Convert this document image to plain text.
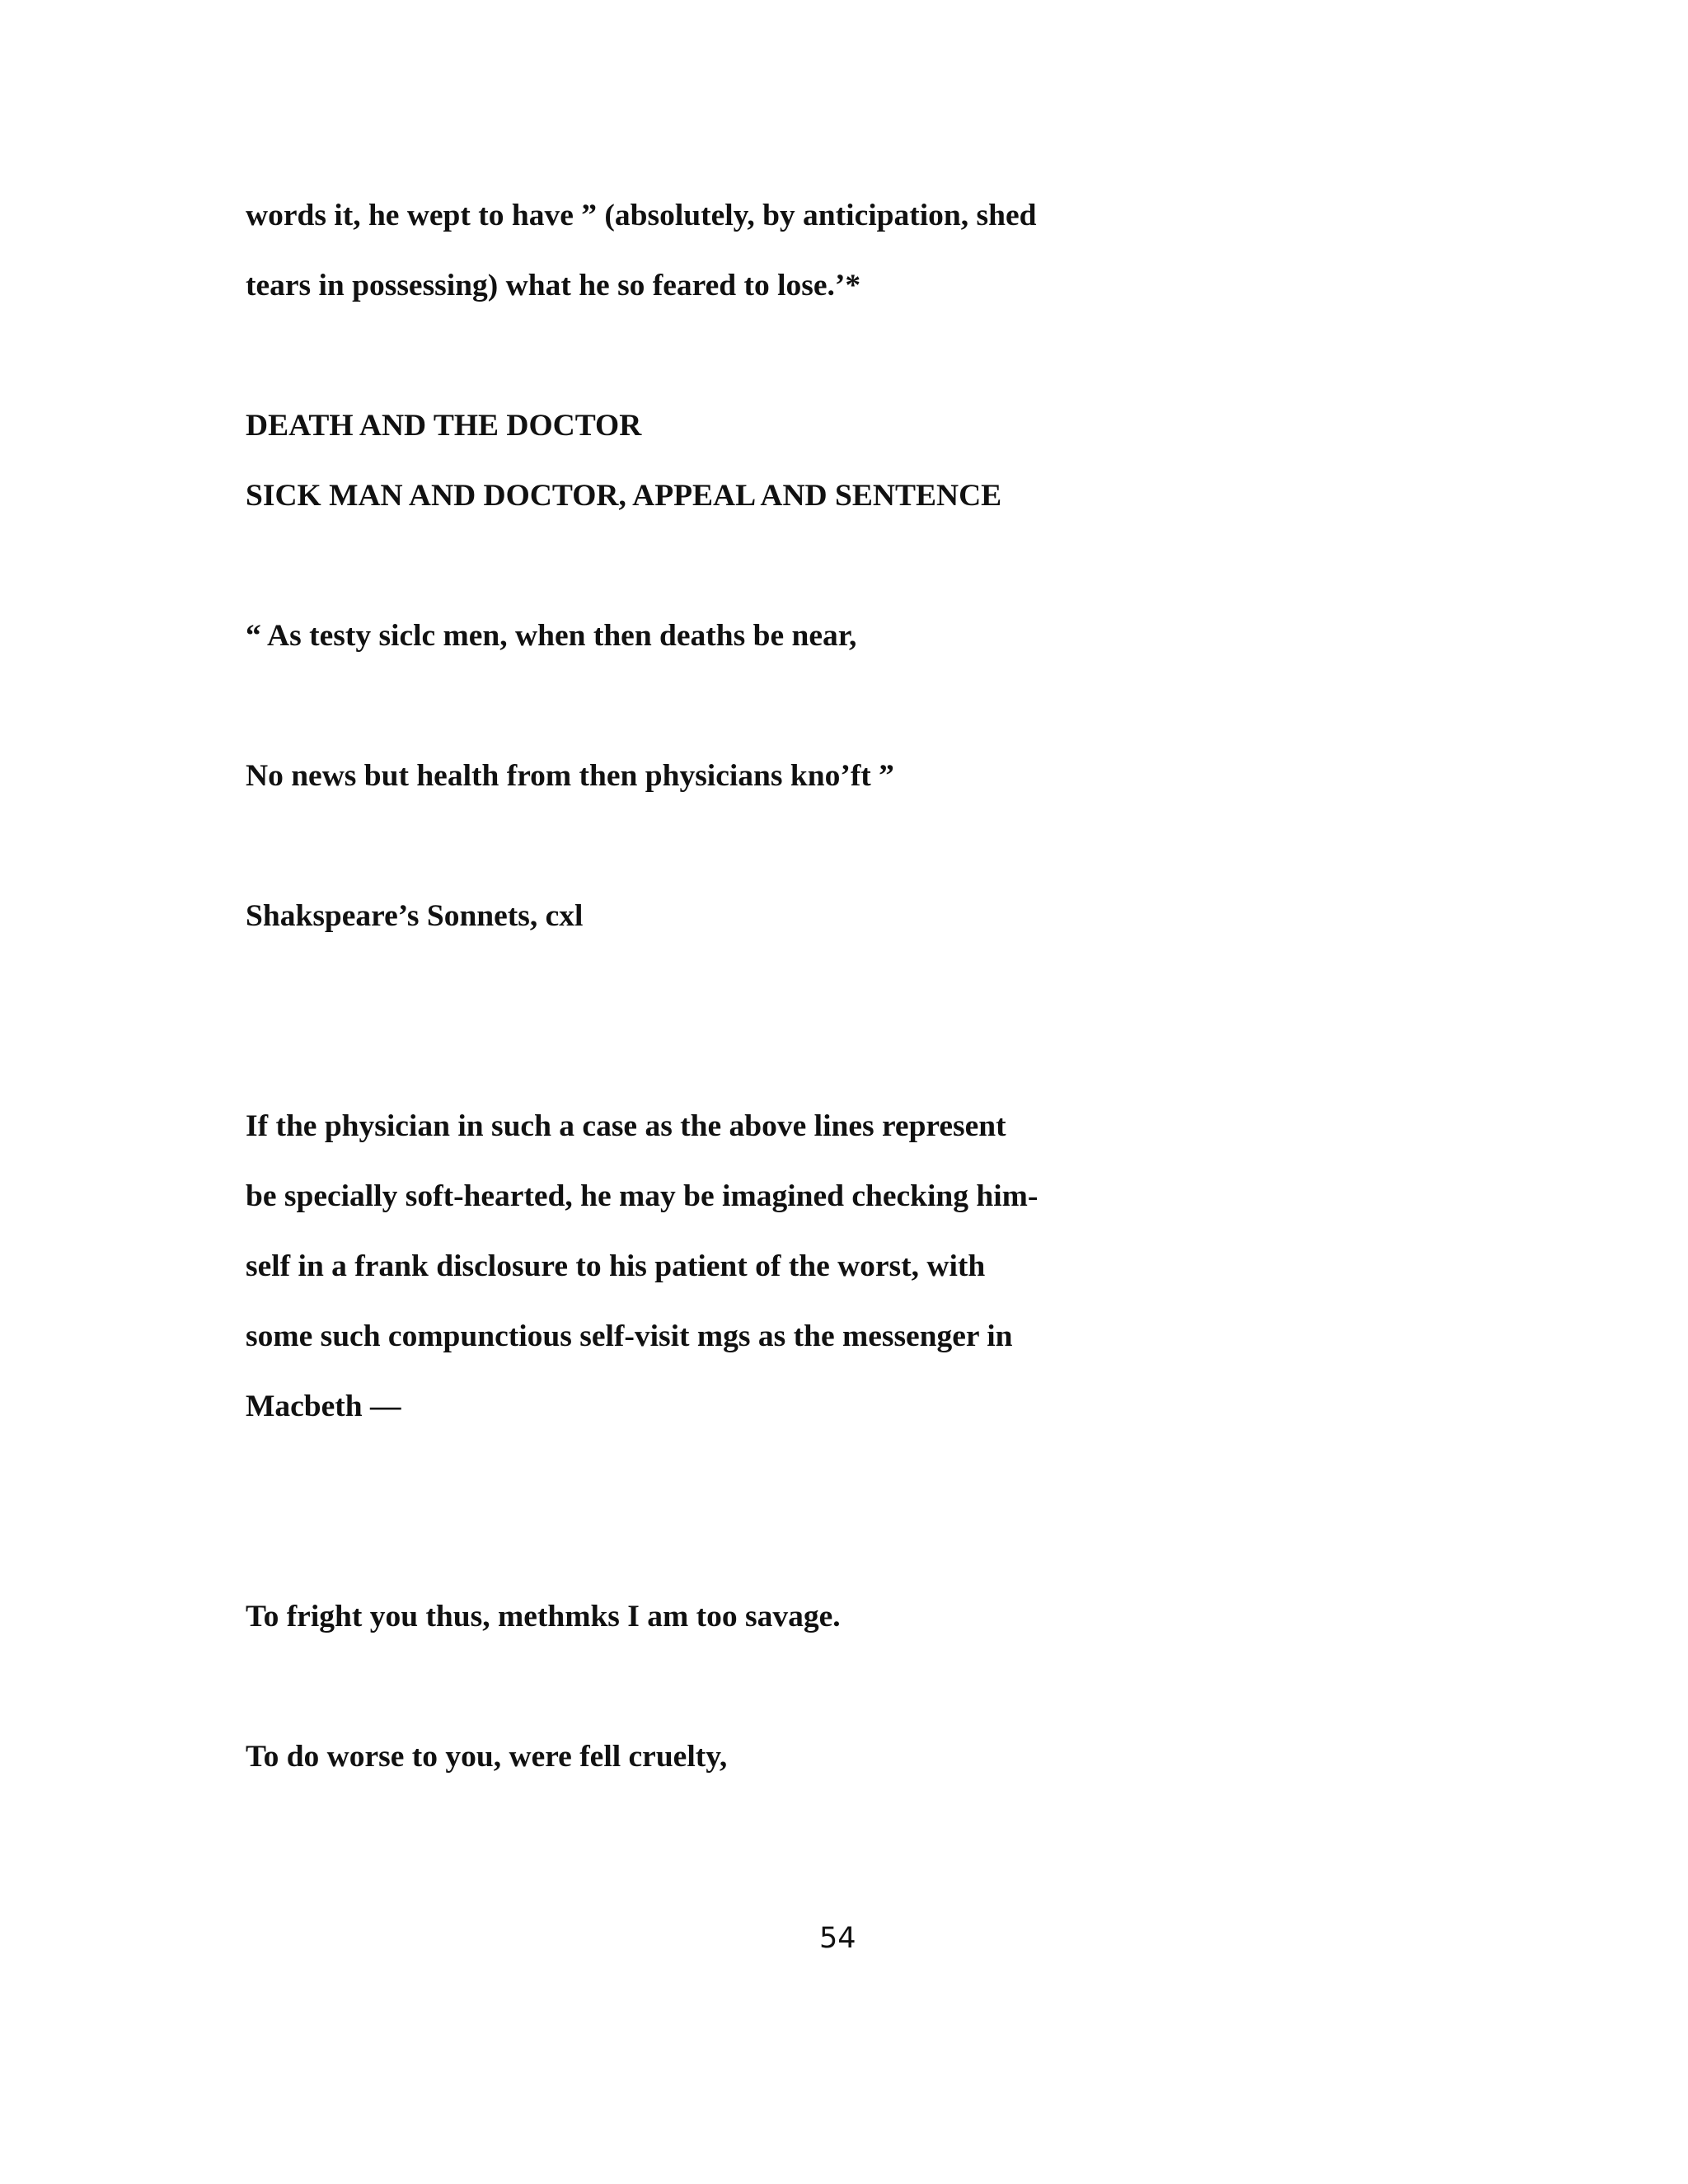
words it, he wept to have ” (absolutely, by anticipation, shed

tears in possessing) what he so feared to lose.’*

DEATH AND THE DOCTOR

SICK MAN AND DOCTOR, APPEAL AND SENTENCE

“ As testy siclc men, when then deaths be near,

No news but health from then physicians kno’ft ”

Shakspeare’s Sonnets, cxl

If the physician in such a case as the above lines represent

be specially soft-hearted, he may be imagined checking him-

self in a frank disclosure to his patient of the worst, with

some such compunctious self-visit mgs as the messenger in

Macbeth —

To fright you thus, methmks I am too savage.

To do worse to you, were fell cruelty,

54
